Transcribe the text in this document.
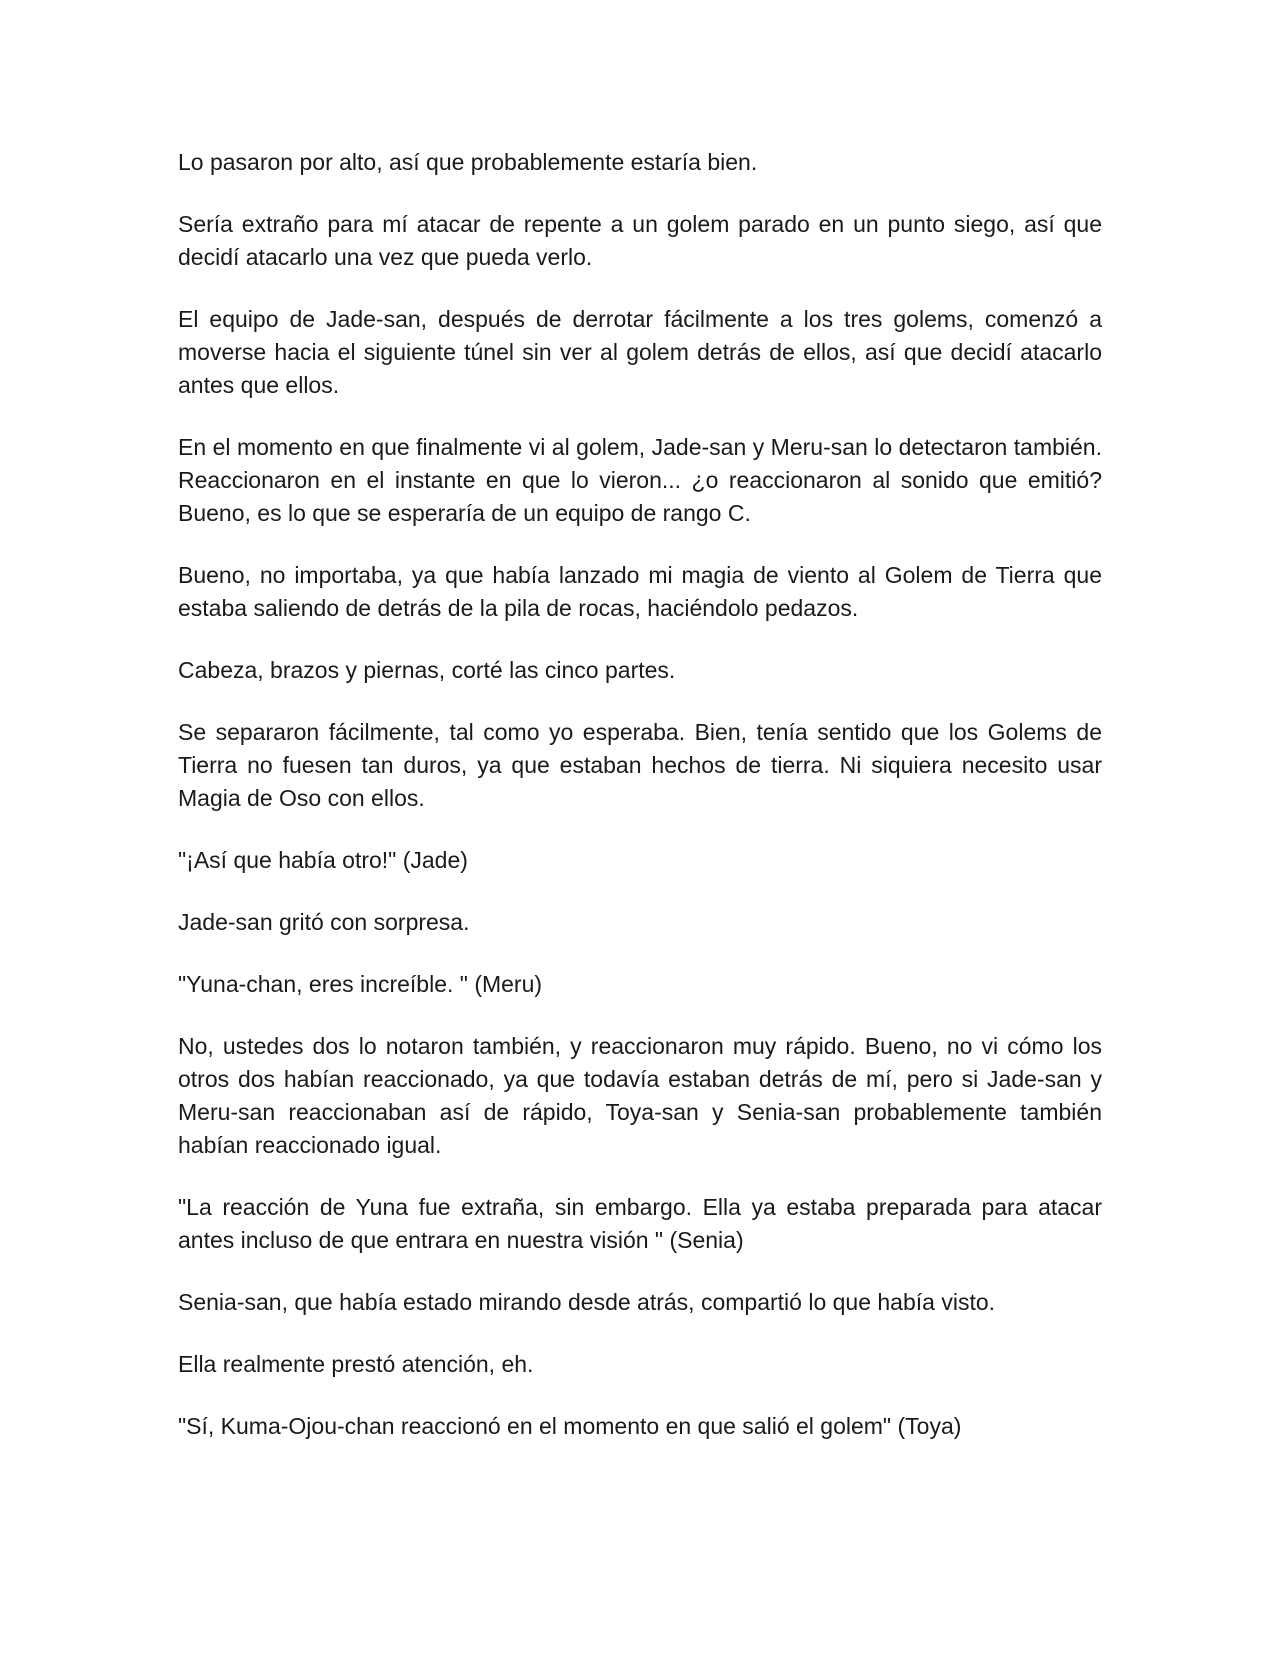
Lo pasaron por alto, así que probablemente estaría bien.

Sería extraño para mí atacar de repente a un golem parado en un punto siego, así que decidí atacarlo una vez que pueda verlo.

El equipo de Jade-san, después de derrotar fácilmente a los tres golems, comenzó a moverse hacia el siguiente túnel sin ver al golem detrás de ellos, así que decidí atacarlo antes que ellos.

En el momento en que finalmente vi al golem, Jade-san y Meru-san lo detectaron también. Reaccionaron en el instante en que lo vieron... ¿o reaccionaron al sonido que emitió? Bueno, es lo que se esperaría de un equipo de rango C.

Bueno, no importaba, ya que había lanzado mi magia de viento al Golem de Tierra que estaba saliendo de detrás de la pila de rocas, haciéndolo pedazos.

Cabeza, brazos y piernas, corté las cinco partes.

Se separaron fácilmente, tal como yo esperaba. Bien, tenía sentido que los Golems de Tierra no fuesen tan duros, ya que estaban hechos de tierra. Ni siquiera necesito usar Magia de Oso con ellos.

"¡Así que había otro!" (Jade)

Jade-san gritó con sorpresa.

"Yuna-chan, eres increíble. " (Meru)

No, ustedes dos lo notaron también, y reaccionaron muy rápido. Bueno, no vi cómo los otros dos habían reaccionado, ya que todavía estaban detrás de mí, pero si Jade-san y Meru-san reaccionaban así de rápido, Toya-san y Senia-san probablemente también habían reaccionado igual.

"La reacción de Yuna fue extraña, sin embargo. Ella ya estaba preparada para atacar antes incluso de que entrara en nuestra visión " (Senia)

Senia-san, que había estado mirando desde atrás, compartió lo que había visto.

Ella realmente prestó atención, eh.

"Sí, Kuma-Ojou-chan reaccionó en el momento en que salió el golem" (Toya)
